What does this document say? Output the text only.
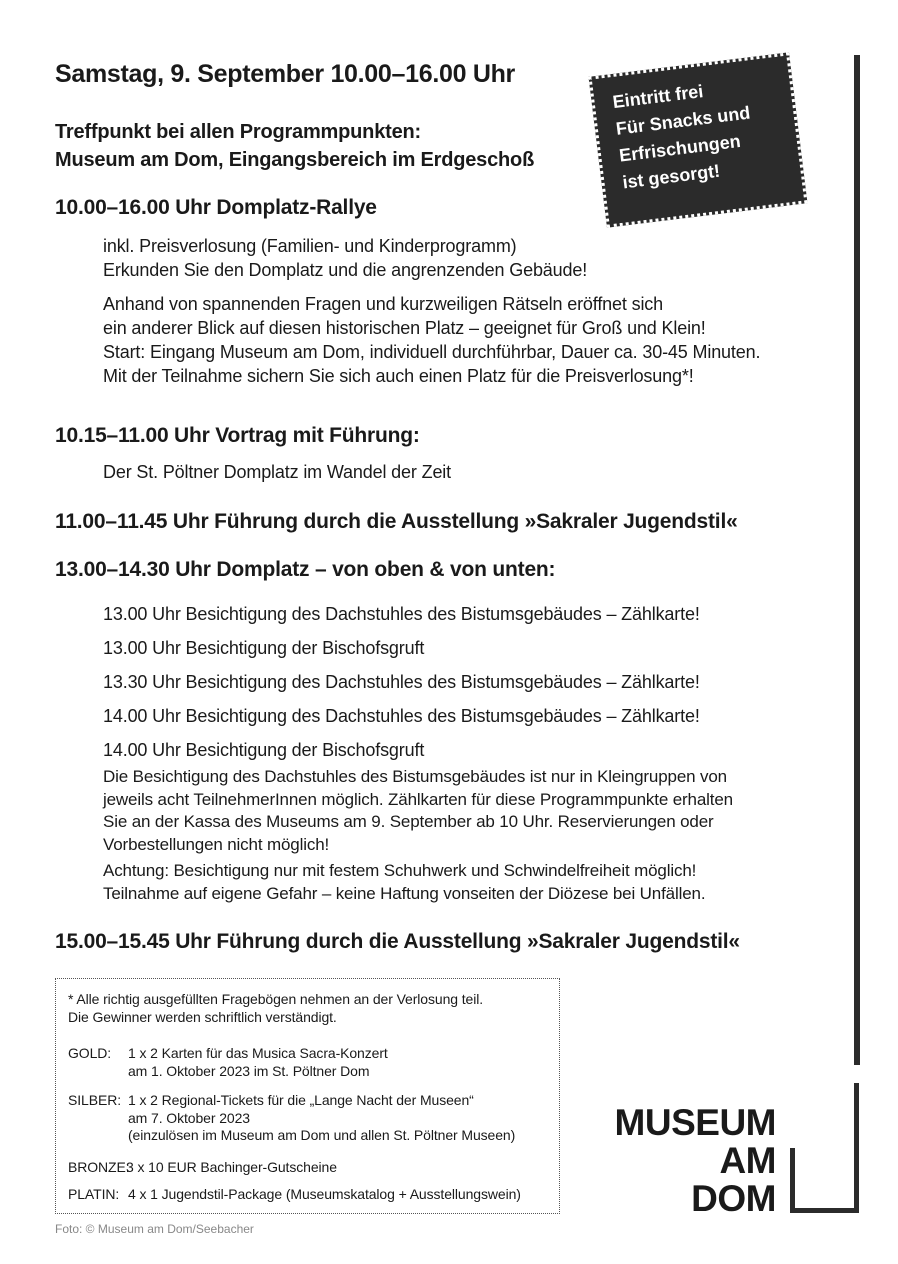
Samstag, 9. September 10.00–16.00 Uhr
Treffpunkt bei allen Programmpunkten:
Museum am Dom, Eingangsbereich im Erdgeschoß
Eintritt frei
Für Snacks und
Erfrischungen
ist gesorgt!
10.00–16.00 Uhr Domplatz-Rallye
inkl. Preisverlosung (Familien- und Kinderprogramm)
Erkunden Sie den Domplatz und die angrenzenden Gebäude!
Anhand von spannenden Fragen und kurzweiligen Rätseln eröffnet sich
ein anderer Blick auf diesen historischen Platz – geeignet für Groß und Klein!
Start: Eingang Museum am Dom, individuell durchführbar, Dauer ca. 30-45 Minuten.
Mit der Teilnahme sichern Sie sich auch einen Platz für die Preisverlosung*!
10.15–11.00 Uhr Vortrag mit Führung:
Der St. Pöltner Domplatz im Wandel der Zeit
11.00–11.45 Uhr Führung durch die Ausstellung »Sakraler Jugendstil«
13.00–14.30 Uhr Domplatz – von oben & von unten:
13.00 Uhr Besichtigung des Dachstuhles des Bistumsgebäudes – Zählkarte!
13.00 Uhr Besichtigung der Bischofsgruft
13.30 Uhr Besichtigung des Dachstuhles des Bistumsgebäudes – Zählkarte!
14.00 Uhr Besichtigung des Dachstuhles des Bistumsgebäudes – Zählkarte!
14.00 Uhr Besichtigung der Bischofsgruft
Die Besichtigung des Dachstuhles des Bistumsgebäudes ist nur in Kleingruppen von
jeweils acht TeilnehmerInnen möglich. Zählkarten für diese Programmpunkte erhalten
Sie an der Kassa des Museums am 9. September ab 10 Uhr. Reservierungen oder
Vorbestellungen nicht möglich!
Achtung: Besichtigung nur mit festem Schuhwerk und Schwindelfreiheit möglich!
Teilnahme auf eigene Gefahr – keine Haftung vonseiten der Diözese bei Unfällen.
15.00–15.45 Uhr Führung durch die Ausstellung »Sakraler Jugendstil«
* Alle richtig ausgefüllten Fragebögen nehmen an der Verlosung teil.
Die Gewinner werden schriftlich verständigt.
GOLD: 1 x 2 Karten für das Musica Sacra-Konzert
am 1. Oktober 2023 im St. Pöltner Dom
SILBER: 1 x 2 Regional-Tickets für die „Lange Nacht der Museen“
am 7. Oktober 2023
(einzulösen im Museum am Dom und allen St. Pöltner Museen)
BRONZE:
3 x 10 EUR Bachinger-Gutscheine
PLATIN: 4 x 1 Jugendstil-Package (Museumskatalog + Ausstellungswein)
Foto: © Museum am Dom/Seebacher
MUSEUM
AM
DOM
